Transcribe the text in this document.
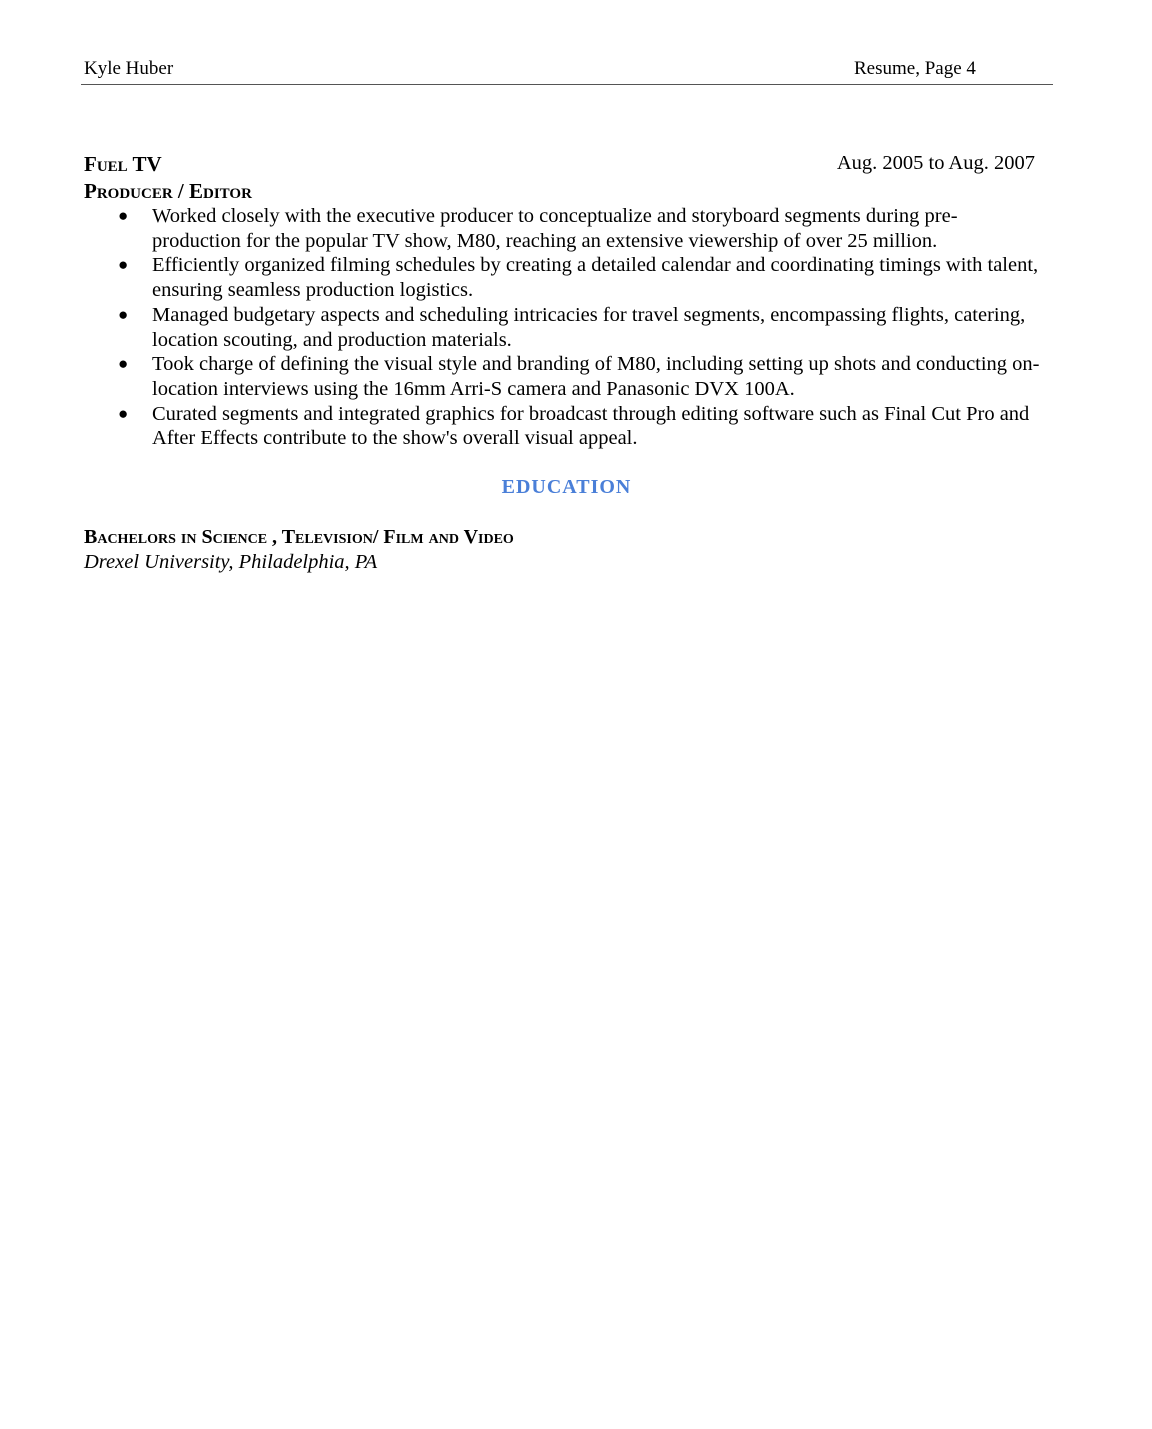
Kyle Huber	Resume, Page 4
Fuel TV	Aug. 2005 to Aug. 2007
Producer / Editor
● Worked closely with the executive producer to conceptualize and storyboard segments during pre-production for the popular TV show, M80, reaching an extensive viewership of over 25 million.
● Efficiently organized filming schedules by creating a detailed calendar and coordinating timings with talent, ensuring seamless production logistics.
● Managed budgetary aspects and scheduling intricacies for travel segments, encompassing flights, catering, location scouting, and production materials.
● Took charge of defining the visual style and branding of M80, including setting up shots and conducting on-location interviews using the 16mm Arri-S camera and Panasonic DVX 100A.
● Curated segments and integrated graphics for broadcast through editing software such as Final Cut Pro and After Effects contribute to the show's overall visual appeal.
EDUCATION
Bachelors in Science , Television/ Film and Video
Drexel University, Philadelphia, PA
